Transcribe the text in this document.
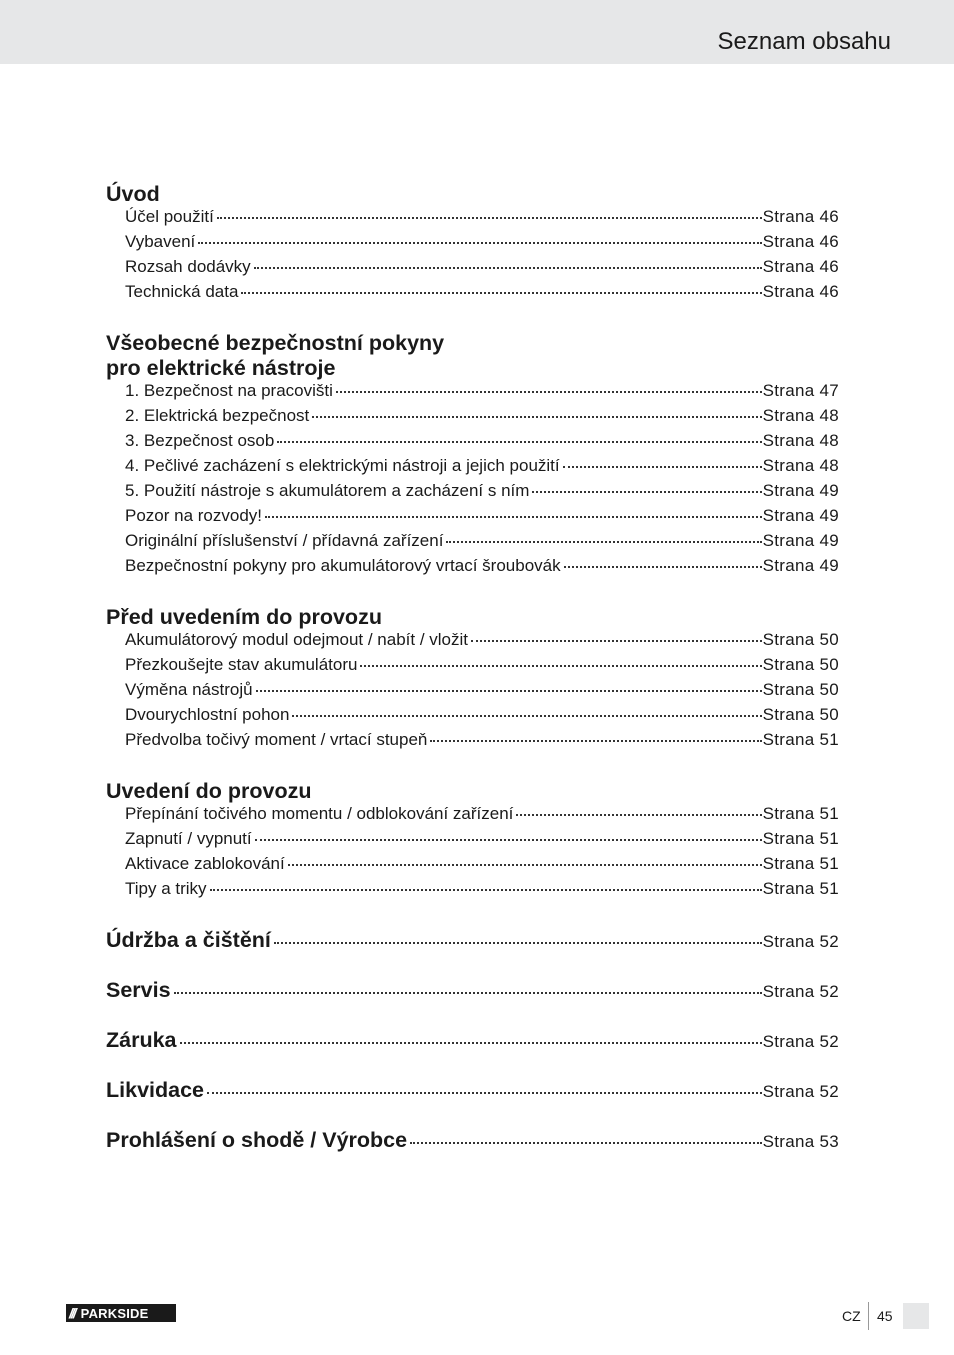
Seznam obsahu
Úvod
Účel použití	Strana 46
Vybavení	Strana 46
Rozsah dodávky	Strana 46
Technická data	Strana 46
Všeobecné bezpečnostní pokyny
pro elektrické nástroje
1. Bezpečnost na pracovišti	Strana 47
2. Elektrická bezpečnost	Strana 48
3. Bezpečnost osob	Strana 48
4. Pečlivé zacházení s elektrickými nástroji a jejich použití	Strana 48
5. Použití nástroje s akumulátorem a zacházení s ním	Strana 49
Pozor na rozvody!	Strana 49
Originální příslušenství / přídavná zařízení	Strana 49
Bezpečnostní pokyny pro akumulátorový vrtací šroubovák	Strana 49
Před uvedením do provozu
Akumulátorový modul odejmout / nabít / vložit	Strana 50
Přezkoušejte stav akumulátoru	Strana 50
Výměna nástrojů	Strana 50
Dvourychlostní pohon	Strana 50
Předvolba točivý moment / vrtací stupeň	Strana 51
Uvedení do provozu
Přepínání točivého momentu / odblokování zařízení	Strana 51
Zapnutí / vypnutí	Strana 51
Aktivace zablokování	Strana 51
Tipy a triky	Strana 51
Údržba a čištění	Strana 52
Servis	Strana 52
Záruka	Strana 52
Likvidace	Strana 52
Prohlášení o shodě / Výrobce	Strana 53
/// PARKSIDE	CZ 45
